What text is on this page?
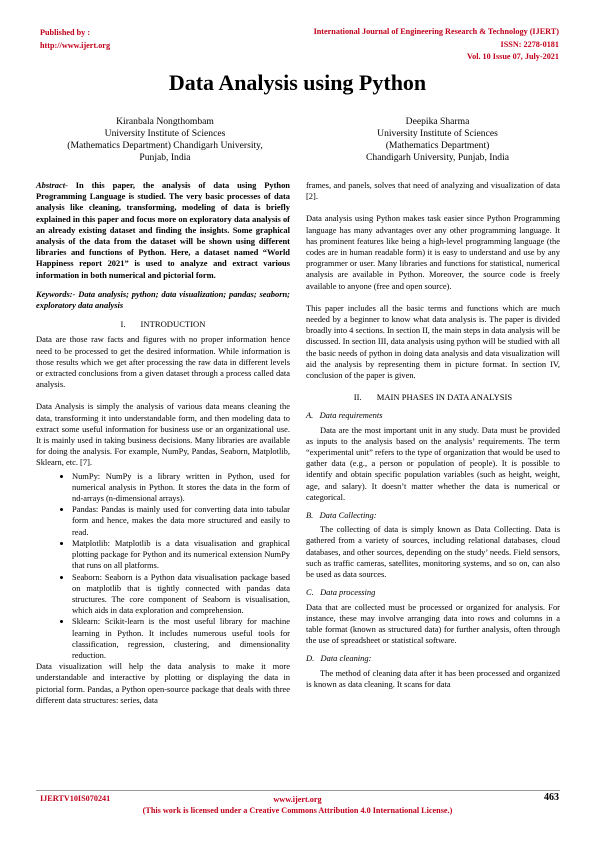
Published by :
http://www.ijert.org
International Journal of Engineering Research & Technology (IJERT)
ISSN: 2278-0181
Vol. 10 Issue 07, July-2021
Data Analysis using Python
Kiranbala Nongthombam
University Institute of Sciences
(Mathematics Department) Chandigarh University,
Punjab, India
Deepika Sharma
University Institute of Sciences
(Mathematics Department)
Chandigarh University, Punjab, India

Abstract- In this paper, the analysis of data using Python Programming Language is studied. The very basic processes of data analysis like cleaning, transforming, modeling of data is briefly explained in this paper and focus more on exploratory data analysis of an already existing dataset and finding the insights. Some graphical analysis of the data from the dataset will be shown using different libraries and functions of Python. Here, a dataset named “World Happiness report 2021” is used to analyze and extract various information in both numerical and pictorial form.

Keywords:- Data analysis; python; data visualization; pandas; seaborn; exploratory data analysis

I.       INTRODUCTION

Data are those raw facts and figures with no proper information hence need to be processed to get the desired information. While information is those results which we get after processing the raw data in different levels or extracted conclusions from a given dataset through a process called data analysis.

Data Analysis is simply the analysis of various data means cleaning the data, transforming it into understandable form, and then modeling data to extract some useful information for business use or an organizational use. It is mainly used in taking business decisions. Many libraries are available for doing the analysis. For example, NumPy, Pandas, Seaborn, Matplotlib, Sklearn, etc. [7].

• NumPy: NumPy is a library written in Python, used for numerical analysis in Python. It stores the data in the form of nd-arrays (n-dimensional arrays).
• Pandas: Pandas is mainly used for converting data into tabular form and hence, makes the data more structured and easily to read.
• Matplotlib: Matplotlib is a data visualisation and graphical plotting package for Python and its numerical extension NumPy that runs on all platforms.
• Seaborn: Seaborn is a Python data visualisation package based on matplotlib that is tightly connected with pandas data structures. The core component of Seaborn is visualisation, which aids in data exploration and comprehension.
• Sklearn: Scikit-learn is the most useful library for machine learning in Python. It includes numerous useful tools for classification, regression, clustering, and dimensionality reduction.

Data visualization will help the data analysis to make it more understandable and interactive by plotting or displaying the data in pictorial form. Pandas, a Python open-source package that deals with three different data structures: series, data

frames, and panels, solves that need of analyzing and visualization of data [2].

Data analysis using Python makes task easier since Python Programming language has many advantages over any other programming language. It has prominent features like being a high-level programming language (the codes are in human readable form) it is easy to understand and use by any programmer or user. Many libraries and functions for statistical, numerical analysis are available in Python. Moreover, the source code is freely available to anyone (free and open source).

This paper includes all the basic terms and functions which are much needed by a beginner to know what data analysis is. The paper is divided broadly into 4 sections. In section II, the main steps in data analysis will be discussed. In section III, data analysis using python will be studied with all the basic needs of python in doing data analysis and data visualization will aid the analysis by representing them in picture format. In section IV, conclusion of the paper is given.

II.       MAIN PHASES IN DATA ANALYSIS
A.   Data requirements

Data are the most important unit in any study. Data must be provided as inputs to the analysis based on the analysis’ requirements. The term “experimental unit” refers to the type of organization that would be used to gather data (e.g., a person or population of people). It is possible to identify and obtain specific population variables (such as height, weight, age, and salary). It doesn’t matter whether the data is numerical or categorical.

B.   Data Collecting:

The collecting of data is simply known as Data Collecting. Data is gathered from a variety of sources, including relational databases, cloud databases, and other sources, depending on the study’ needs. Field sensors, such as traffic cameras, satellites, monitoring systems, and so on, can also be used as data sources.

C.   Data processing

Data that are collected must be processed or organized for analysis. For instance, these may involve arranging data into rows and columns in a table format (known as structured data) for further analysis, often through the use of spreadsheet or statistical software.

D.   Data cleaning:

The method of cleaning data after it has been processed and organized is known as data cleaning. It scans for data

IJERTV10IS070241	www.ijert.org
(This work is licensed under a Creative Commons Attribution 4.0 International License.)
463
